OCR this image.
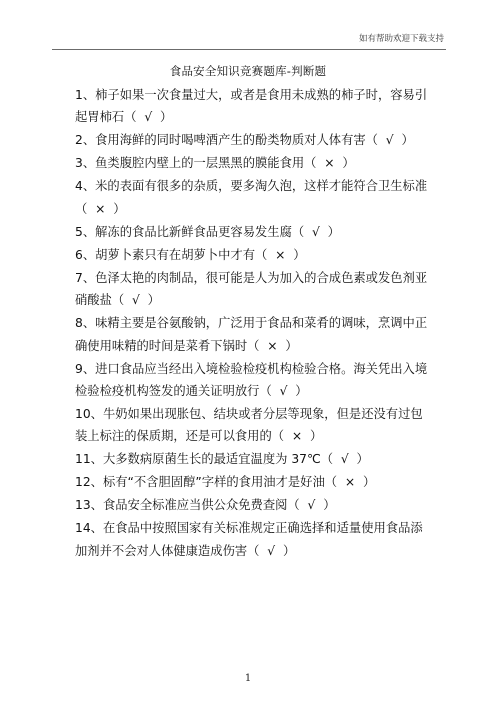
如有帮助欢迎下载支持
食品安全知识竞赛题库-判断题
1、柿子如果一次食量过大，或者是食用未成熟的柿子时，容易引起胃柿石（  √  ）
2、食用海鲜的同时喝啤酒产生的酚类物质对人体有害（  √  ）
3、鱼类腹腔内壁上的一层黑黑的膜能食用（  ×  ）
4、米的表面有很多的杂质，要多淘久泡，这样才能符合卫生标准（  ×  ）
5、解冻的食品比新鲜食品更容易发生腐（  √  ）
6、胡萝卜素只有在胡萝卜中才有（  ×  ）
7、色泽太艳的肉制品，很可能是人为加入的合成色素或发色剂亚硝酸盐（  √  ）
8、味精主要是谷氨酸钠，广泛用于食品和菜肴的调味，烹调中正确使用味精的时间是菜肴下锅时（  ×  ）
9、进口食品应当经出入境检验检疫机构检验合格。海关凭出入境检验检疫机构签发的通关证明放行（  √  ）
10、牛奶如果出现胀包、结块或者分层等现象，但是还没有过包装上标注的保质期，还是可以食用的（  ×  ）
11、大多数病原菌生长的最适宜温度为 37℃（  √  ）
12、标有“不含胆固醇”字样的食用油才是好油（  ×  ）
13、食品安全标准应当供公众免费查阅（  √  ）
14、在食品中按照国家有关标准规定正确选择和适量使用食品添加剂并不会对人体健康造成伤害（  √  ）
1
